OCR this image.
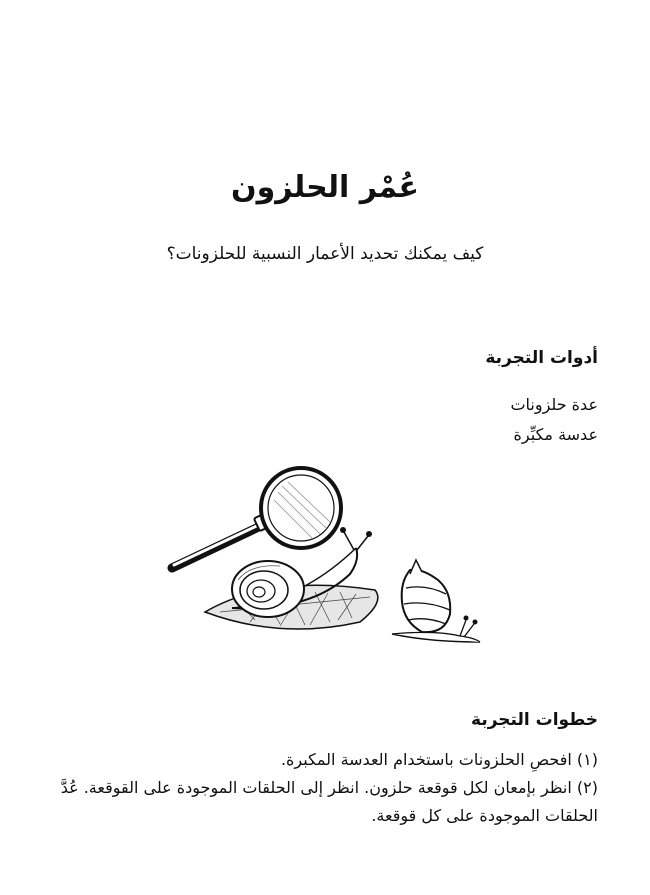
عُمْر الحلزون
كيف يمكنك تحديد الأعمار النسبية للحلزونات؟
أدوات التجربة
عدة حلزونات
عدسة مكبِّرة
خطوات التجربة
(١) افحصِ الحلزونات باستخدام العدسة المكبرة.
(٢) انظر بإمعان لكل قوقعة حلزون. انظر إلى الحلقات الموجودة على القوقعة. عُدَّ الحلقات الموجودة على كل قوقعة.
